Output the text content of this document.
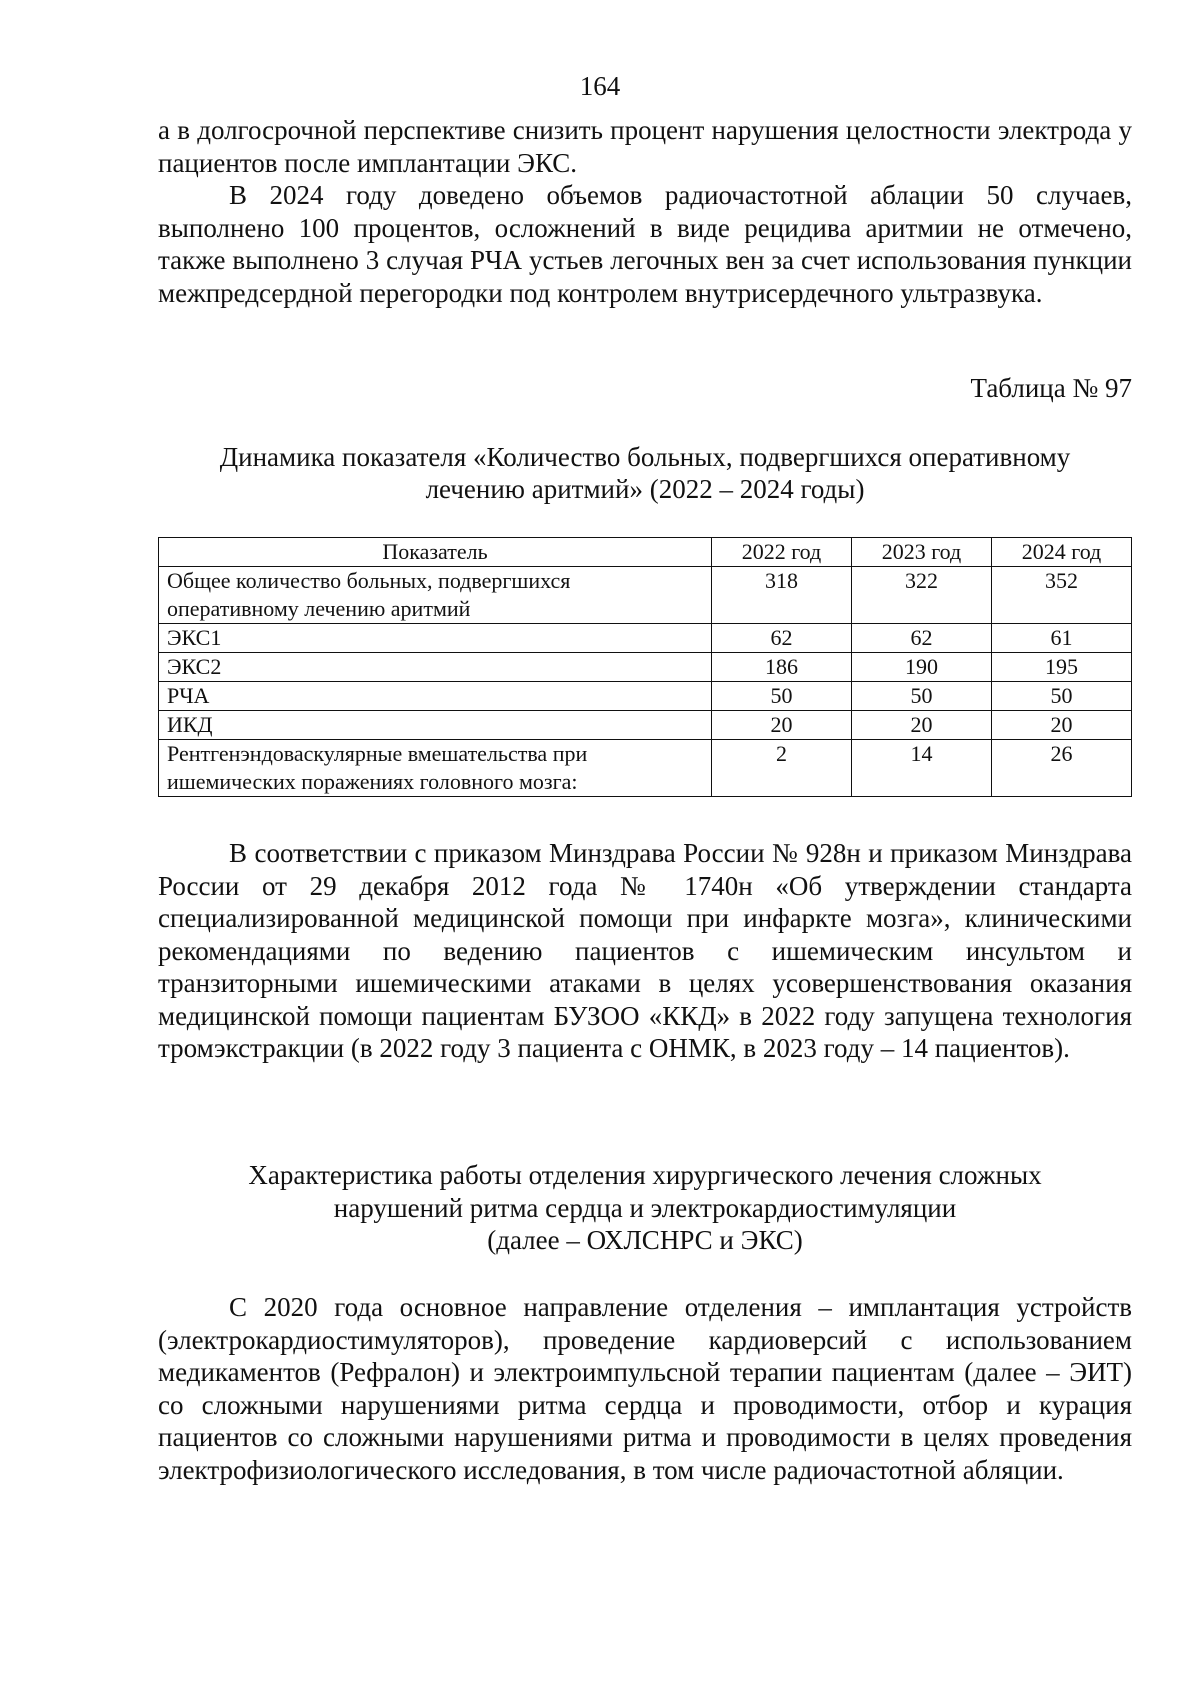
164

а в долгосрочной перспективе снизить процент нарушения целостности электрода у пациентов после имплантации ЭКС.

В 2024 году доведено объемов радиочастотной аблации 50 случаев, выполнено 100 процентов, осложнений в виде рецидива аритмии не отмечено, также выполнено 3 случая РЧА устьев легочных вен за счет использования пункции межпредсердной перегородки под контролем внутрисердечного ультразвука.

Таблица № 97
Динамика показателя «Количество больных, подвергшихся оперативному
лечению аритмий» (2022 – 2024 годы)
Показатель	2022 год	2023 год	2024 год
Общее количество больных, подвергшихся оперативному лечению аритмий	318	322	352
ЭКС1	62	62	61
ЭКС2	186	190	195
РЧА	50	50	50
ИКД	20	20	20
Рентгенэндоваскулярные вмешательства при ишемических поражениях головного мозга:	2	14	26

В соответствии с приказом Минздрава России № 928н и приказом Минздрава России от 29 декабря 2012 года № 1740н «Об утверждении стандарта специализированной медицинской помощи при инфаркте мозга», клиническими рекомендациями по ведению пациентов с ишемическим инсультом и транзиторными ишемическими атаками в целях усовершенствования оказания медицинской помощи пациентам БУЗОО «ККД» в 2022 году запущена технология тромэкстракции (в 2022 году 3 пациента с ОНМК, в 2023 году – 14 пациентов).

Характеристика работы отделения хирургического лечения сложных
нарушений ритма сердца и электрокардиостимуляции
(далее – ОХЛСНРС и ЭКС)

С 2020 года основное направление отделения – имплантация устройств (электрокардиостимуляторов), проведение кардиоверсий с использованием медикаментов (Рефралон) и электроимпульсной терапии пациентам (далее – ЭИТ) со сложными нарушениями ритма сердца и проводимости, отбор и курация пациентов со сложными нарушениями ритма и проводимости в целях проведения электрофизиологического исследования, в том числе радиочастотной абляции.
